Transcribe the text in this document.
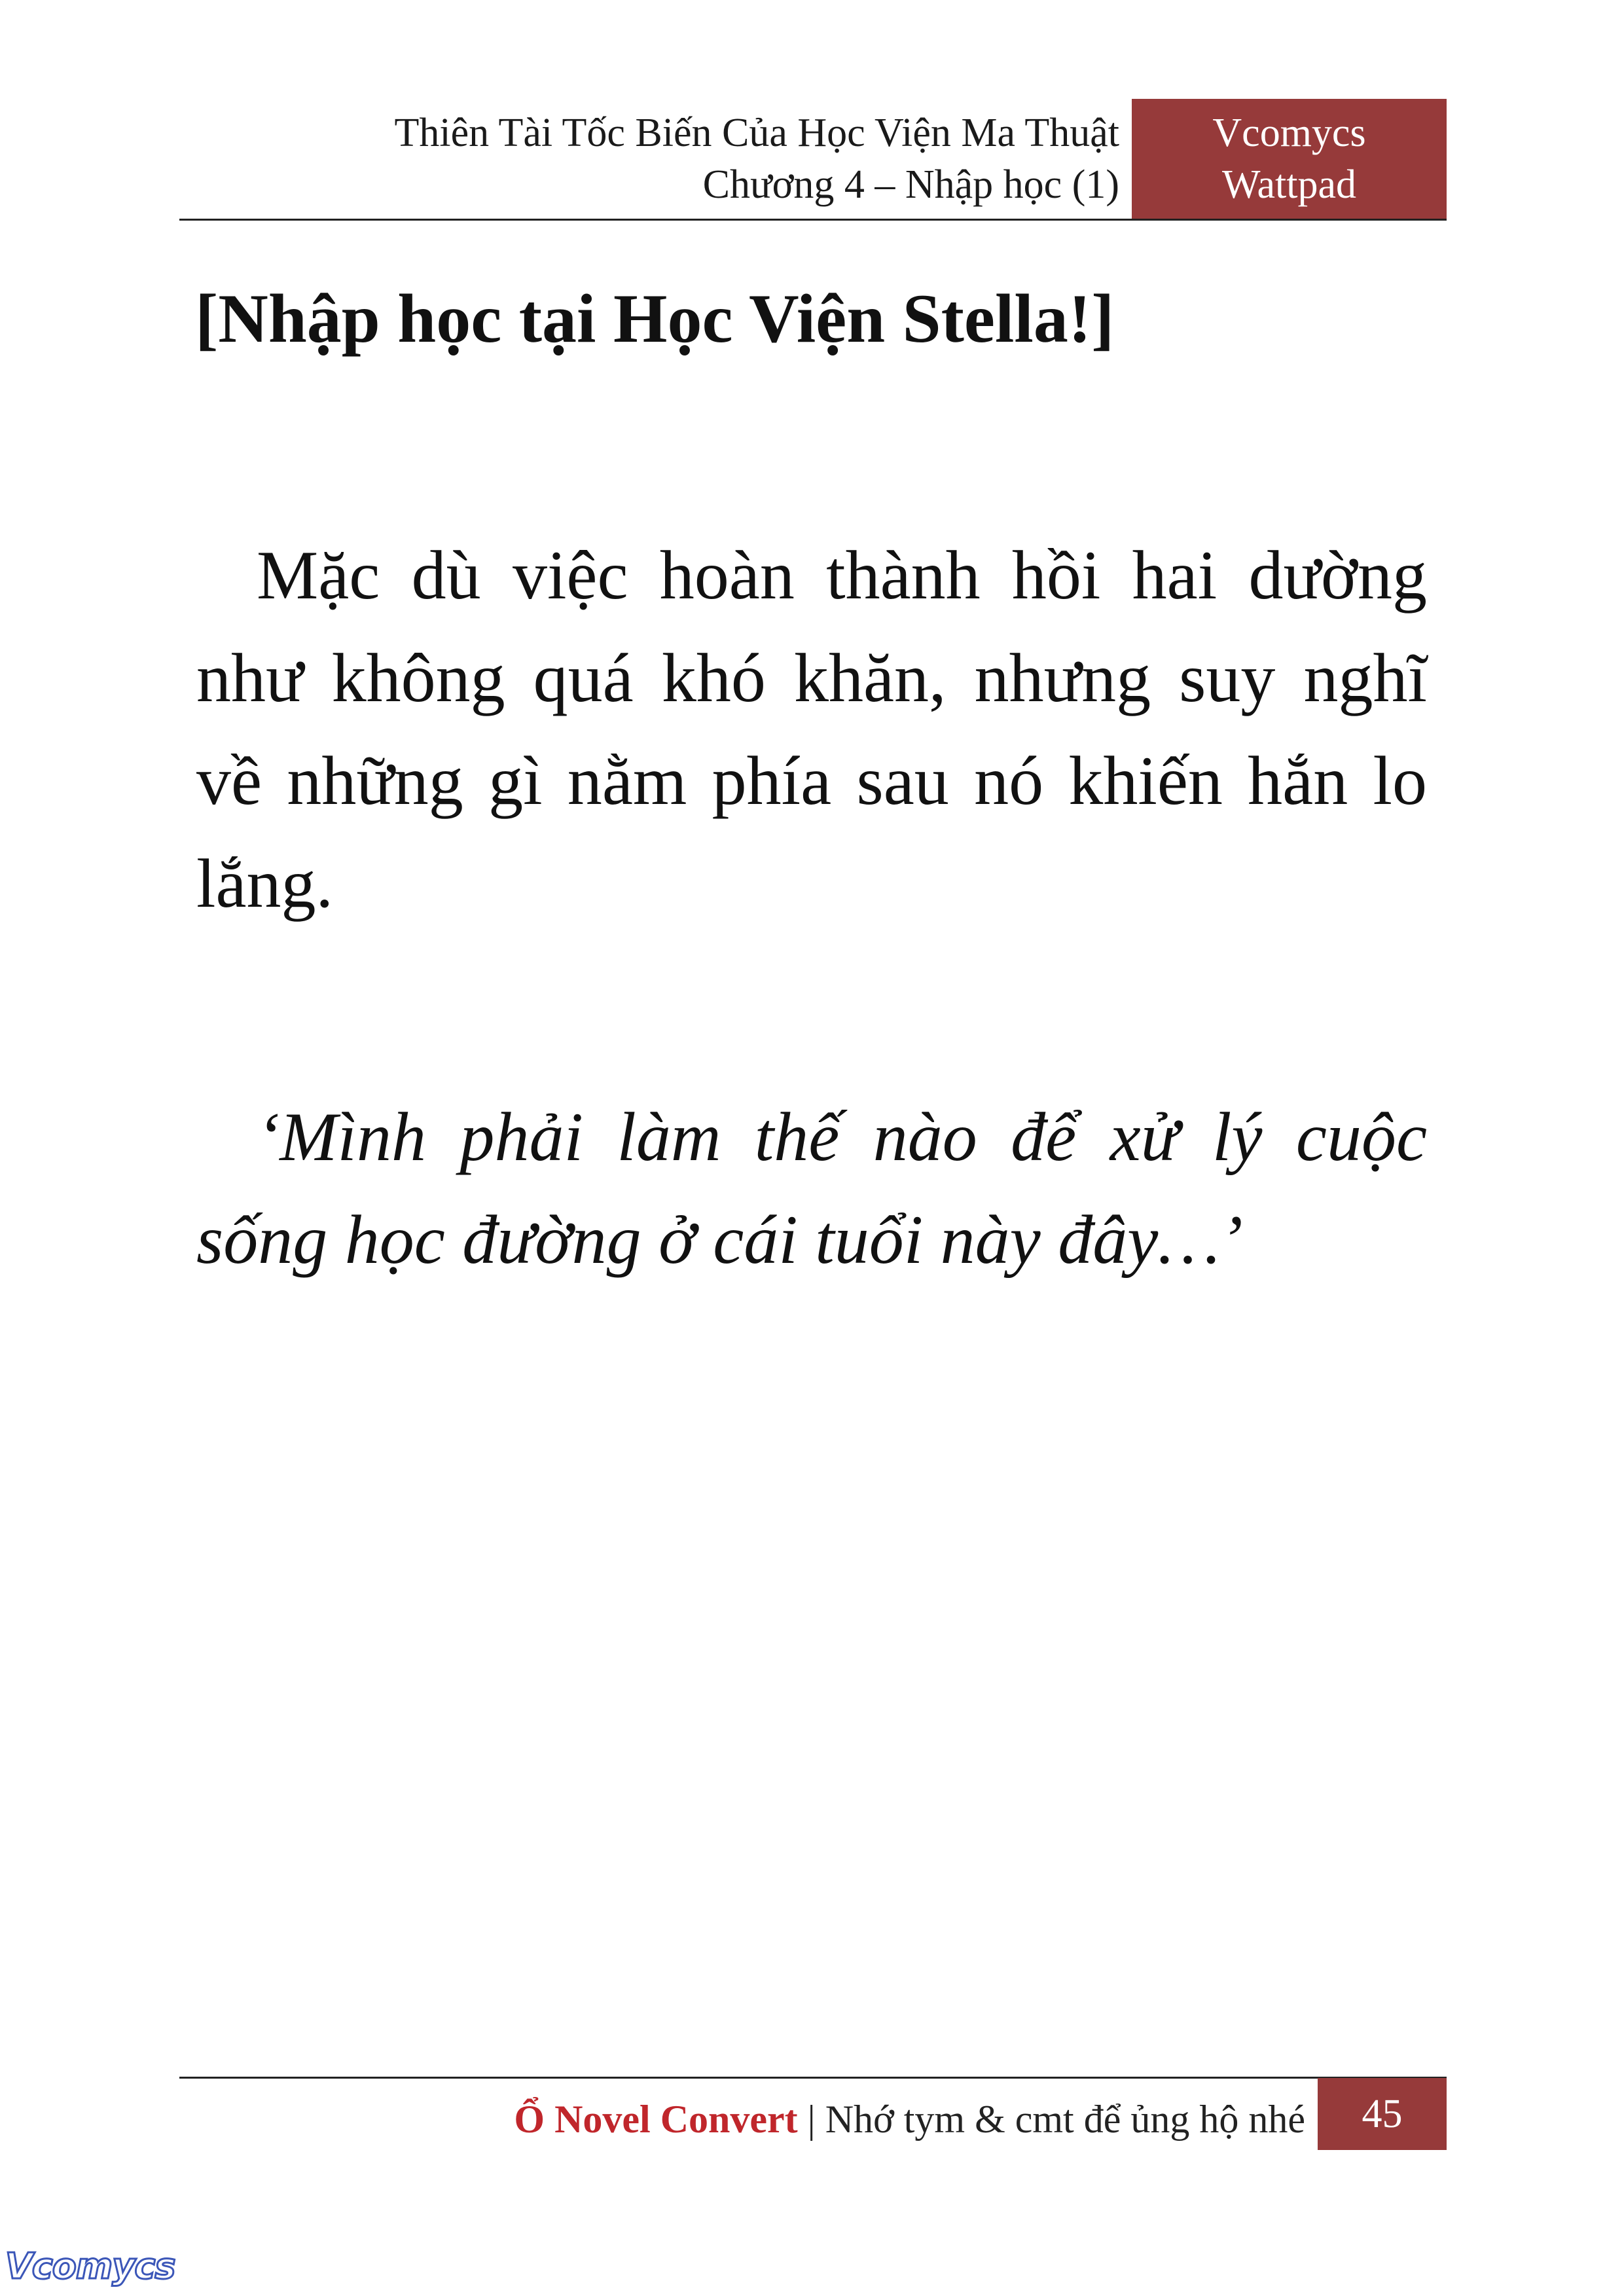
Thiên Tài Tốc Biến Của Học Viện Ma Thuật
Chương 4 – Nhập học (1)
Vcomycs
Wattpad
[Nhập học tại Học Viện Stella!]

Mặc dù việc hoàn thành hồi hai dường như không quá khó khăn, nhưng suy nghĩ về những gì nằm phía sau nó khiến hắn lo lắng.

‘Mình phải làm thế nào để xử lý cuộc sống học đường ở cái tuổi này đây…’

Ổ Novel Convert | Nhớ tym & cmt để ủng hộ nhé	45
Vcomycs
